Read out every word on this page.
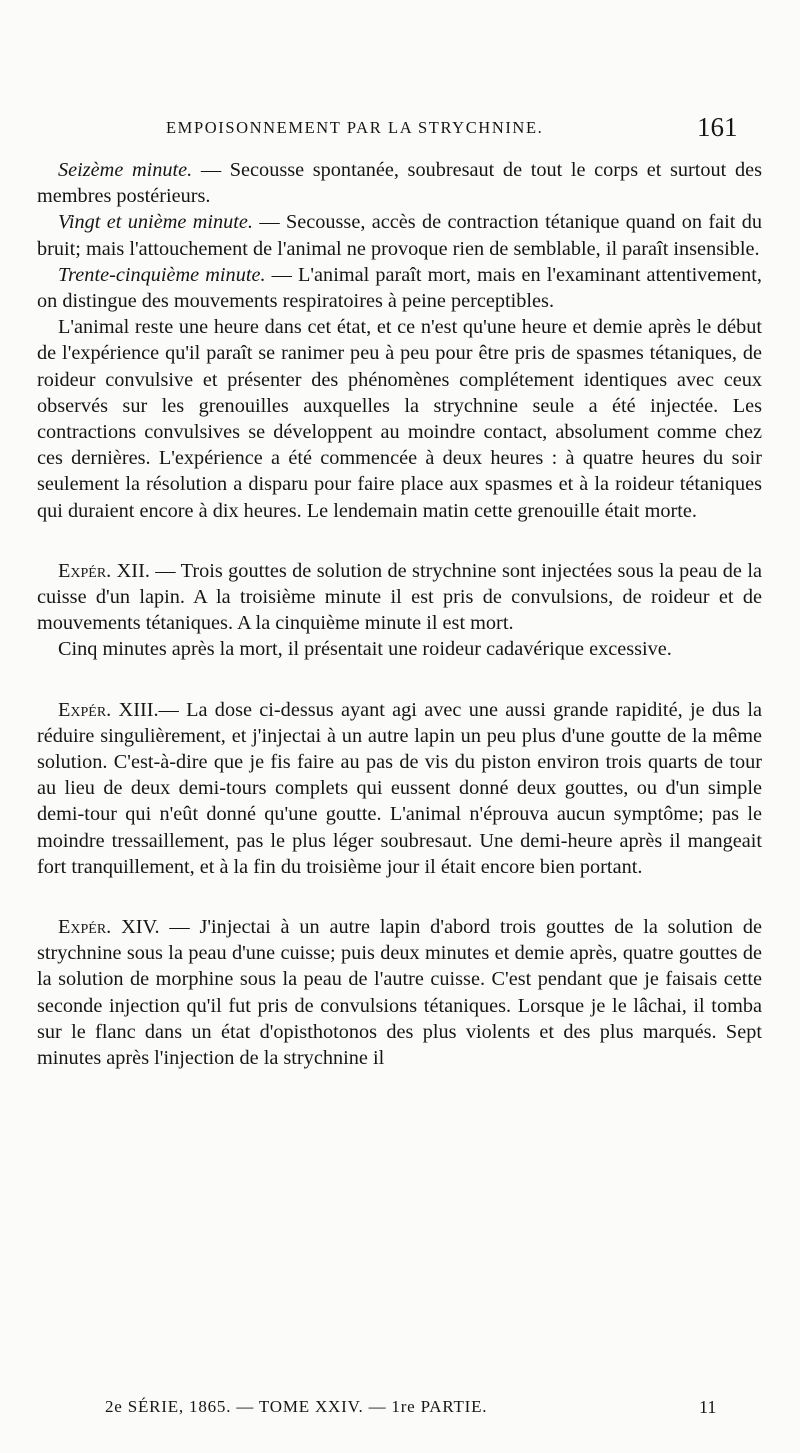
EMPOISONNEMENT PAR LA STRYCHNINE.	161

Seizème minute. — Secousse spontanée, soubresaut de tout le corps et surtout des membres postérieurs.

Vingt et unième minute. — Secousse, accès de contraction tétanique quand on fait du bruit; mais l'attouchement de l'animal ne provoque rien de semblable, il paraît insensible.

Trente-cinquième minute. — L'animal paraît mort, mais en l'examinant attentivement, on distingue des mouvements respiratoires à peine perceptibles.

L'animal reste une heure dans cet état, et ce n'est qu'une heure et demie après le début de l'expérience qu'il paraît se ranimer peu à peu pour être pris de spasmes tétaniques, de roideur convulsive et présenter des phénomènes complétement identiques avec ceux observés sur les grenouilles auxquelles la strychnine seule a été injectée. Les contractions convulsives se développent au moindre contact, absolument comme chez ces dernières. L'expérience a été commencée à deux heures : à quatre heures du soir seulement la résolution a disparu pour faire place aux spasmes et à la roideur tétaniques qui duraient encore à dix heures. Le lendemain matin cette grenouille était morte.

Expér. XII. — Trois gouttes de solution de strychnine sont injectées sous la peau de la cuisse d'un lapin. A la troisième minute il est pris de convulsions, de roideur et de mouvements tétaniques. A la cinquième minute il est mort.

Cinq minutes après la mort, il présentait une roideur cadavérique excessive.

Expér. XIII.— La dose ci-dessus ayant agi avec une aussi grande rapidité, je dus la réduire singulièrement, et j'injectai à un autre lapin un peu plus d'une goutte de la même solution. C'est-à-dire que je fis faire au pas de vis du piston environ trois quarts de tour au lieu de deux demi-tours complets qui eussent donné deux gouttes, ou d'un simple demi-tour qui n'eût donné qu'une goutte. L'animal n'éprouva aucun symptôme; pas le moindre tressaillement, pas le plus léger soubresaut. Une demi-heure après il mangeait fort tranquillement, et à la fin du troisième jour il était encore bien portant.

Expér. XIV. — J'injectai à un autre lapin d'abord trois gouttes de la solution de strychnine sous la peau d'une cuisse; puis deux minutes et demie après, quatre gouttes de la solution de morphine sous la peau de l'autre cuisse. C'est pendant que je faisais cette seconde injection qu'il fut pris de convulsions tétaniques. Lorsque je le lâchai, il tomba sur le flanc dans un état d'opisthotonos des plus violents et des plus marqués. Sept minutes après l'injection de la strychnine il

2e SÉRIE, 1865. — TOME XXIV. — 1re PARTIE.	11
